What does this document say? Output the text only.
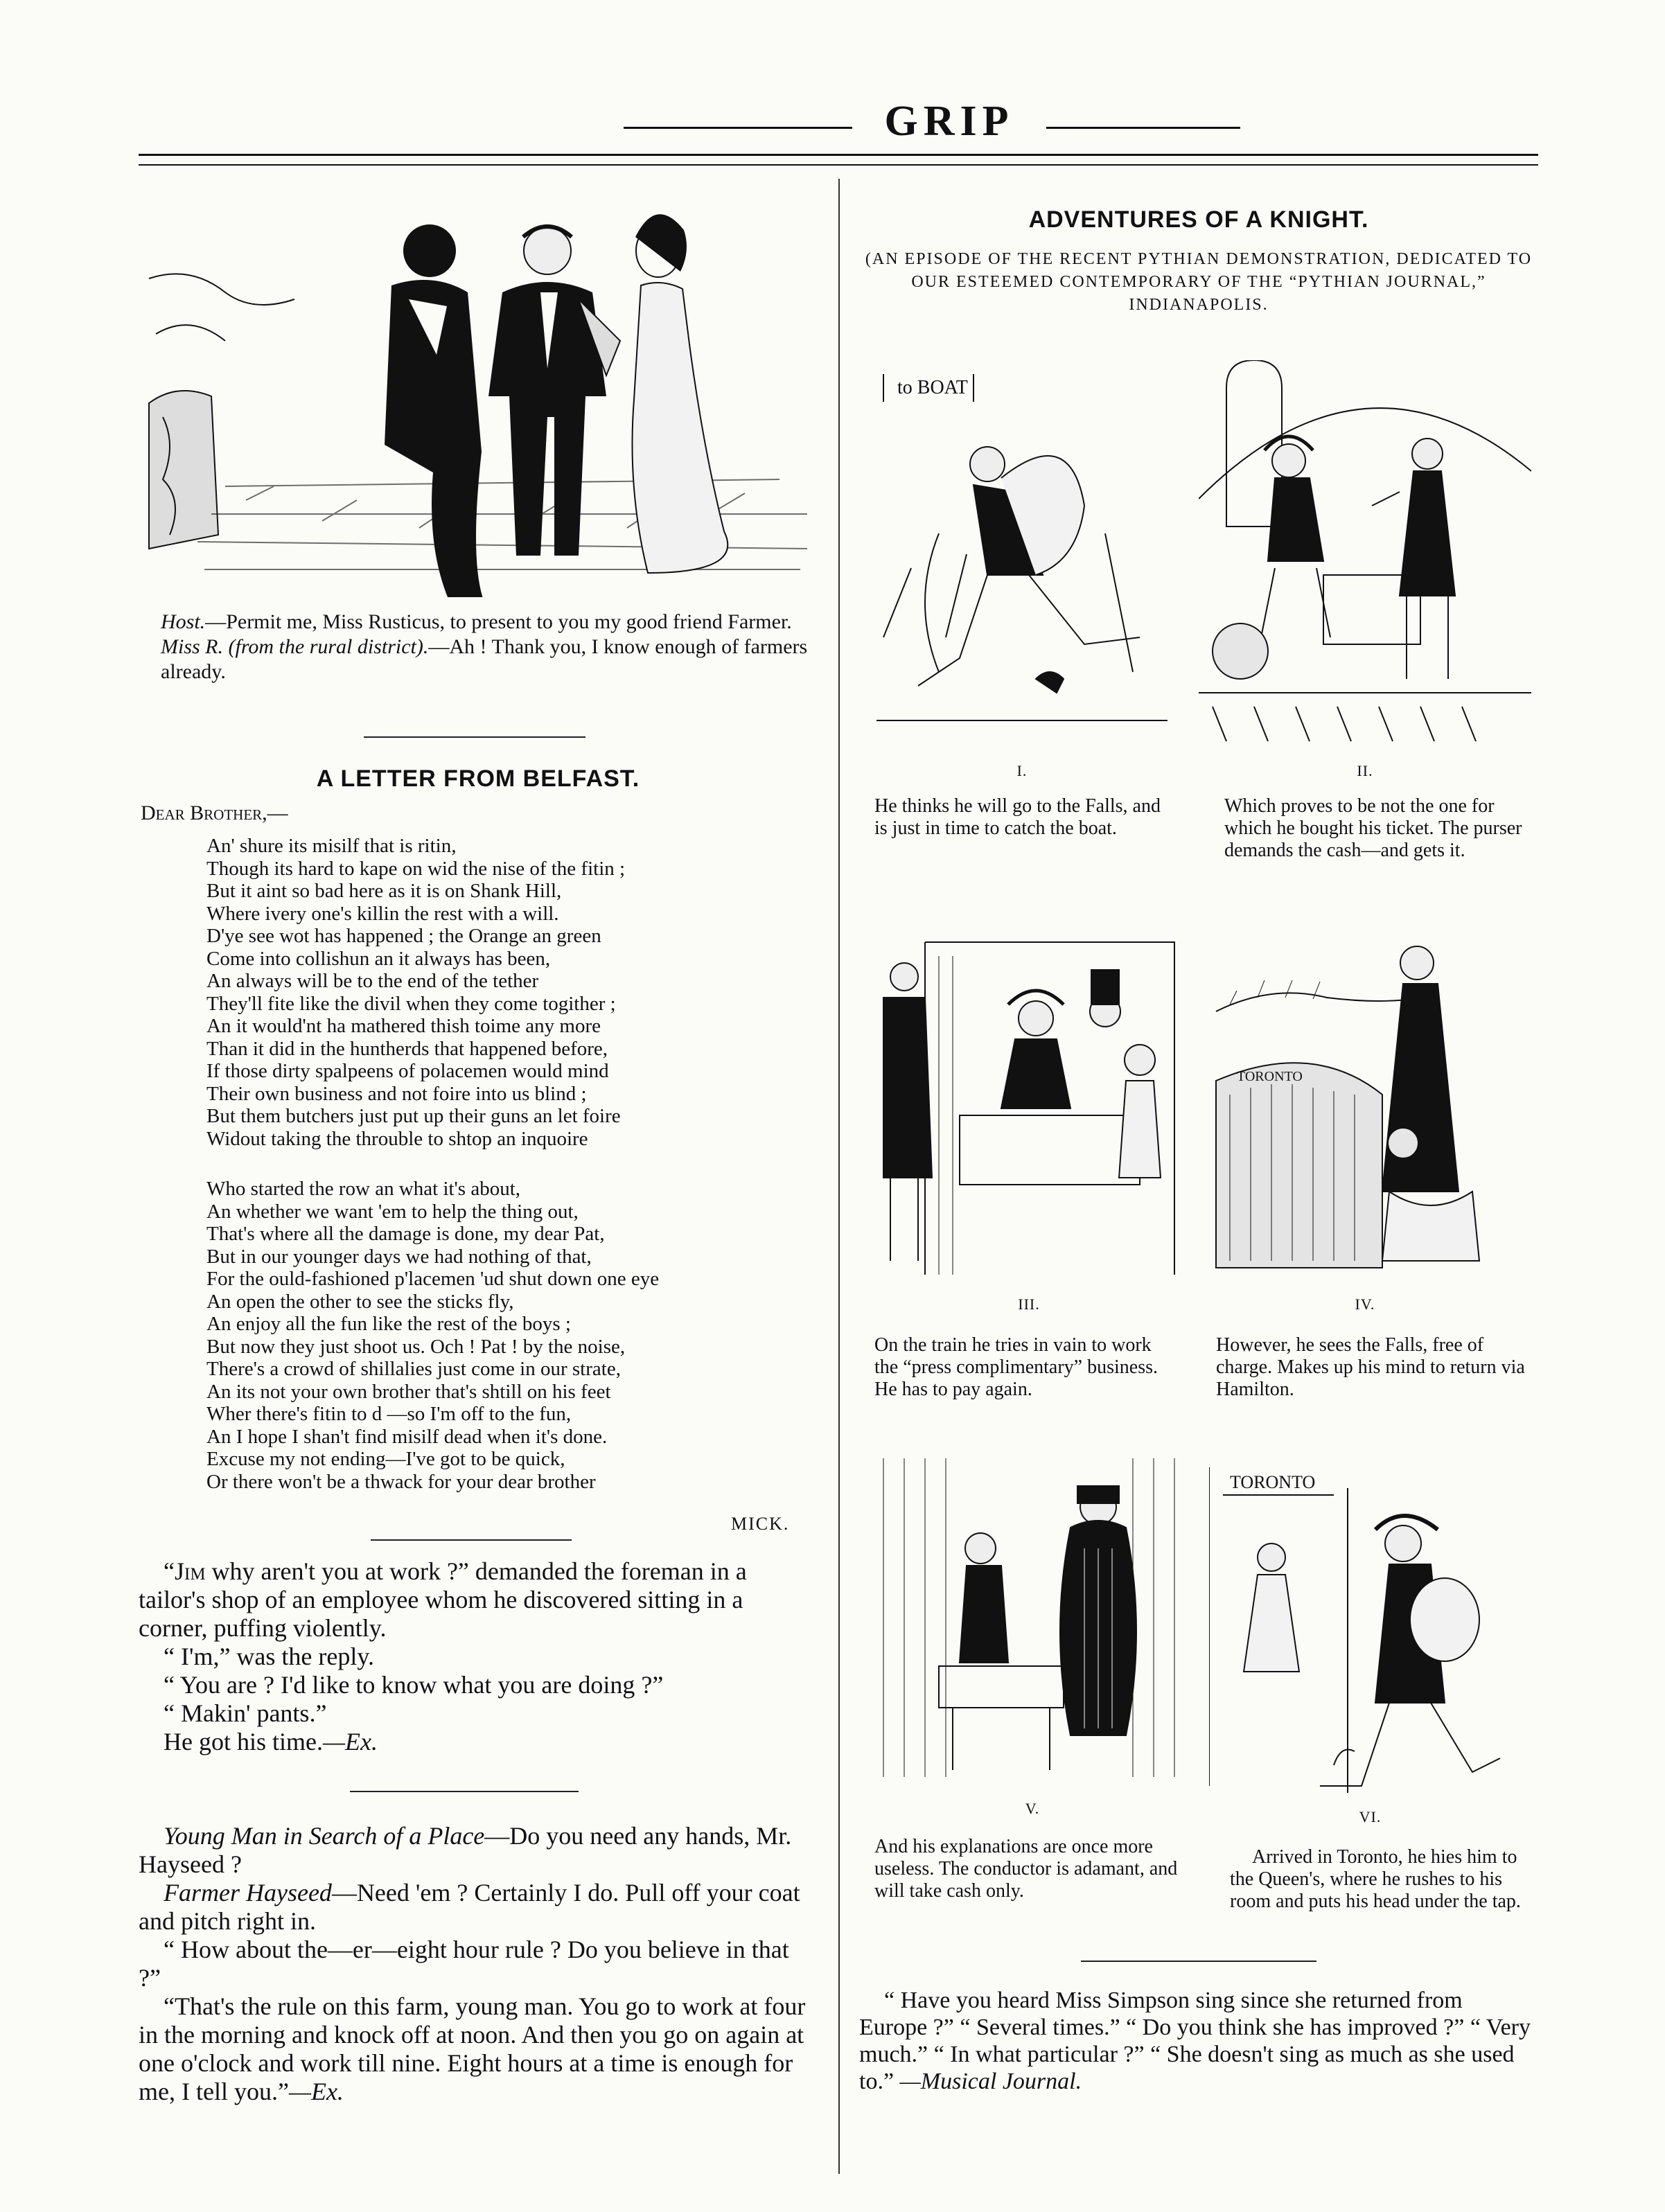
GRIP
Host.—Permit me, Miss Rusticus, to present to you my good friend Farmer.
Miss R. (from the rural district).—Ah ! Thank you, I know enough of farmers already.
A LETTER FROM BELFAST.
Dear Brother,—
An' shure its misilf that is ritin,
Though its hard to kape on wid the nise of the fitin ;
But it aint so bad here as it is on Shank Hill,
Where ivery one's killin the rest with a will.
D'ye see wot has happened ; the Orange an green
Come into collishun an it always has been,
An always will be to the end of the tether
They'll fite like the divil when they come togither ;
An it would'nt ha mathered thish toime any more
Than it did in the huntherds that happened before,
If those dirty spalpeens of polacemen would mind
Their own business and not foire into us blind ;
But them butchers just put up their guns an let foire
Widout taking the throuble to shtop an inquoire
Who started the row an what it's about,
An whether we want 'em to help the thing out,
That's where all the damage is done, my dear Pat,
But in our younger days we had nothing of that,
For the ould-fashioned p'lacemen 'ud shut down one eye
An open the other to see the sticks fly,
An enjoy all the fun like the rest of the boys ;
But now they just shoot us. Och ! Pat ! by the noise,
There's a crowd of shillalies just come in our strate,
An its not your own brother that's shtill on his feet
Wher there's fitin to d —so I'm off to the fun,
An I hope I shan't find misilf dead when it's done.
Excuse my not ending—I've got to be quick,
Or there won't be a thwack for your dear brother
MICK.

“Jim why aren't you at work ?” demanded the foreman in a tailor's shop of an employee whom he discovered sitting in a corner, puffing violently.

“ I'm,” was the reply.

“ You are ? I'd like to know what you are doing ?”

“ Makin' pants.”

He got his time.—Ex.

Young Man in Search of a Place—Do you need any hands, Mr. Hayseed ?

Farmer Hayseed—Need 'em ? Certainly I do. Pull off your coat and pitch right in.

“ How about the—er—eight hour rule ? Do you believe in that ?”

“That's the rule on this farm, young man. You go to work at four in the morning and knock off at noon. And then you go on again at one o'clock and work till nine. Eight hours at a time is enough for me, I tell you.”—Ex.

ADVENTURES OF A KNIGHT.
(AN EPISODE OF THE RECENT PYTHIAN DEMONSTRATION, DEDICATED TO OUR ESTEEMED CONTEMPORARY OF THE “PYTHIAN JOURNAL,” INDIANAPOLIS.
to BOAT
I.
He thinks he will go to the Falls, and is just in time to catch the boat.
II.
Which proves to be not the one for which he bought his ticket. The purser demands the cash—and gets it.
III.
On the train he tries in vain to work the “press complimentary” business. He has to pay again.
TORONTO
IV.
However, he sees the Falls, free of charge. Makes up his mind to return via Hamilton.
V.
And his explanations are once more useless. The conductor is adamant, and will take cash only.
TORONTO
VI.
Arrived in Toronto, he hies him to the Queen's, where he rushes to his room and puts his head under the tap.
“ Have you heard Miss Simpson sing since she returned from Europe ?” “ Several times.” “ Do you think she has improved ?” “ Very much.” “ In what particular ?” “ She doesn't sing as much as she used to.” —Musical Journal.
